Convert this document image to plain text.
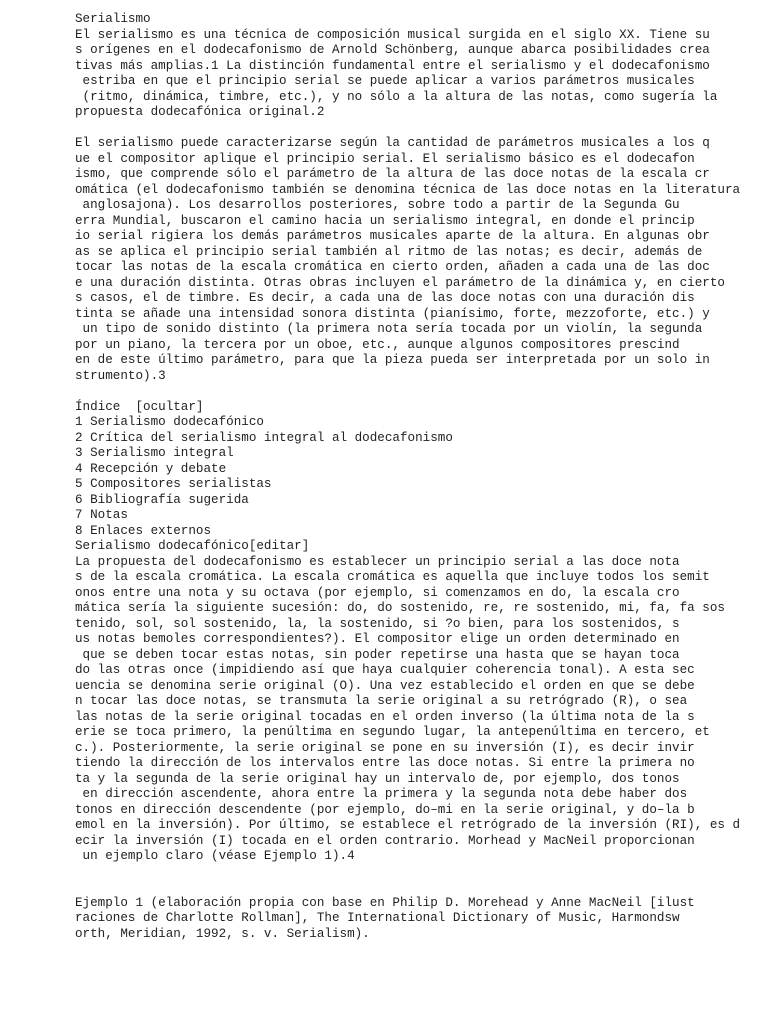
Serialismo
El serialismo es una técnica de composición musical surgida en el siglo XX. Tiene su
s orígenes en el dodecafonismo de Arnold Schönberg, aunque abarca posibilidades crea
tivas más amplias.1 La distinción fundamental entre el serialismo y el dodecafonismo
estriba en que el principio serial se puede aplicar a varios parámetros musicales
(ritmo, dinámica, timbre, etc.), y no sólo a la altura de las notas, como sugería la
propuesta dodecafónica original.2
El serialismo puede caracterizarse según la cantidad de parámetros musicales a los q
ue el compositor aplique el principio serial. El serialismo básico es el dodecafon
ismo, que comprende sólo el parámetro de la altura de las doce notas de la escala cr
omática (el dodecafonismo también se denomina técnica de las doce notas en la literatura
anglosajona). Los desarrollos posteriores, sobre todo a partir de la Segunda Gu
erra Mundial, buscaron el camino hacia un serialismo integral, en donde el princip
io serial rigiera los demás parámetros musicales aparte de la altura. En algunas obr
as se aplica el principio serial también al ritmo de las notas; es decir, además de
tocar las notas de la escala cromática en cierto orden, añaden a cada una de las doc
e una duración distinta. Otras obras incluyen el parámetro de la dinámica y, en cierto
s casos, el de timbre. Es decir, a cada una de las doce notas con una duración dis
tinta se añade una intensidad sonora distinta (pianísimo, forte, mezzoforte, etc.) y
un tipo de sonido distinto (la primera nota sería tocada por un violín, la segunda
por un piano, la tercera por un oboe, etc., aunque algunos compositores prescind
en de este último parámetro, para que la pieza pueda ser interpretada por un solo in
strumento).3
Índice  [ocultar]
1 Serialismo dodecafónico
2 Crítica del serialismo integral al dodecafonismo
3 Serialismo integral
4 Recepción y debate
5 Compositores serialistas
6 Bibliografía sugerida
7 Notas
8 Enlaces externos
Serialismo dodecafónico[editar]
La propuesta del dodecafonismo es establecer un principio serial a las doce nota
s de la escala cromática. La escala cromática es aquella que incluye todos los semit
onos entre una nota y su octava (por ejemplo, si comenzamos en do, la escala cro
mática sería la siguiente sucesión: do, do sostenido, re, re sostenido, mi, fa, fa sos
tenido, sol, sol sostenido, la, la sostenido, si ?o bien, para los sostenidos, s
us notas bemoles correspondientes?). El compositor elige un orden determinado en
que se deben tocar estas notas, sin poder repetirse una hasta que se hayan toca
do las otras once (impidiendo así que haya cualquier coherencia tonal). A esta sec
uencia se denomina serie original (O). Una vez establecido el orden en que se debe
n tocar las doce notas, se transmuta la serie original a su retrógrado (R), o sea
las notas de la serie original tocadas en el orden inverso (la última nota de la s
erie se toca primero, la penúltima en segundo lugar, la antepenúltima en tercero, et
c.). Posteriormente, la serie original se pone en su inversión (I), es decir invir
tiendo la dirección de los intervalos entre las doce notas. Si entre la primera no
ta y la segunda de la serie original hay un intervalo de, por ejemplo, dos tonos
en dirección ascendente, ahora entre la primera y la segunda nota debe haber dos
tonos en dirección descendente (por ejemplo, do–mi en la serie original, y do–la b
emol en la inversión). Por último, se establece el retrógrado de la inversión (RI), es d
ecir la inversión (I) tocada en el orden contrario. Morhead y MacNeil proporcionan
un ejemplo claro (véase Ejemplo 1).4
Ejemplo 1 (elaboración propia con base en Philip D. Morehead y Anne MacNeil [ilust
raciones de Charlotte Rollman], The International Dictionary of Music, Harmondsw
orth, Meridian, 1992, s. v. Serialism).
